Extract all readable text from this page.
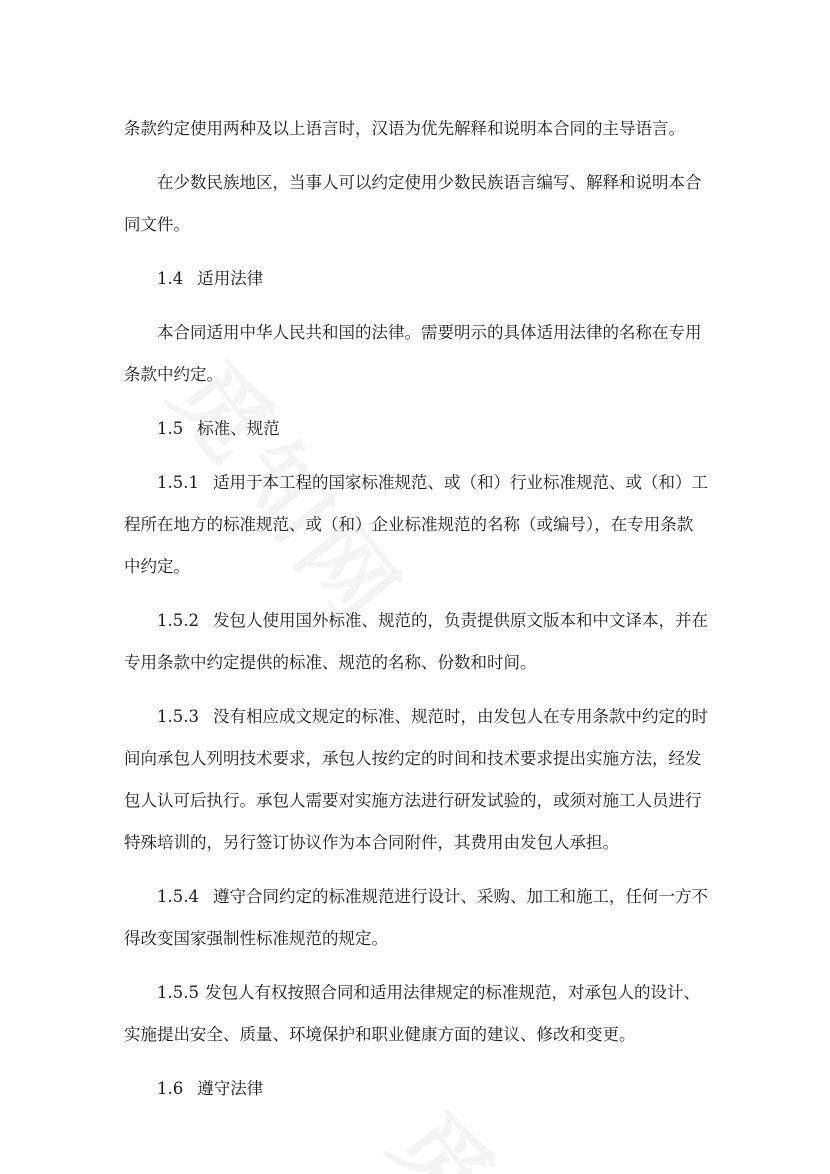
条款约定使用两种及以上语言时，汉语为优先解释和说明本合同的主导语言。

在少数民族地区，当事人可以约定使用少数民族语言编写、解释和说明本合
同文件。

1.4 适用法律

本合同适用中华人民共和国的法律。需要明示的具体适用法律的名称在专用
条款中约定。

1.5 标准、规范

1.5.1 适用于本工程的国家标准规范、或（和）行业标准规范、或（和）工
程所在地方的标准规范、或（和）企业标准规范的名称（或编号），在专用条款
中约定。

1.5.2 发包人使用国外标准、规范的，负责提供原文版本和中文译本，并在
专用条款中约定提供的标准、规范的名称、份数和时间。

1.5.3 没有相应成文规定的标准、规范时，由发包人在专用条款中约定的时
间向承包人列明技术要求，承包人按约定的时间和技术要求提出实施方法，经发
包人认可后执行。承包人需要对实施方法进行研发试验的，或须对施工人员进行
特殊培训的，另行签订协议作为本合同附件，其费用由发包人承担。

1.5.4 遵守合同约定的标准规范进行设计、采购、加工和施工，任何一方不
得改变国家强制性标准规范的规定。

1.5.5 发包人有权按照合同和适用法律规定的标准规范，对承包人的设计、
实施提出安全、质量、环境保护和职业健康方面的建议、修改和变更。

1.6 遵守法律
